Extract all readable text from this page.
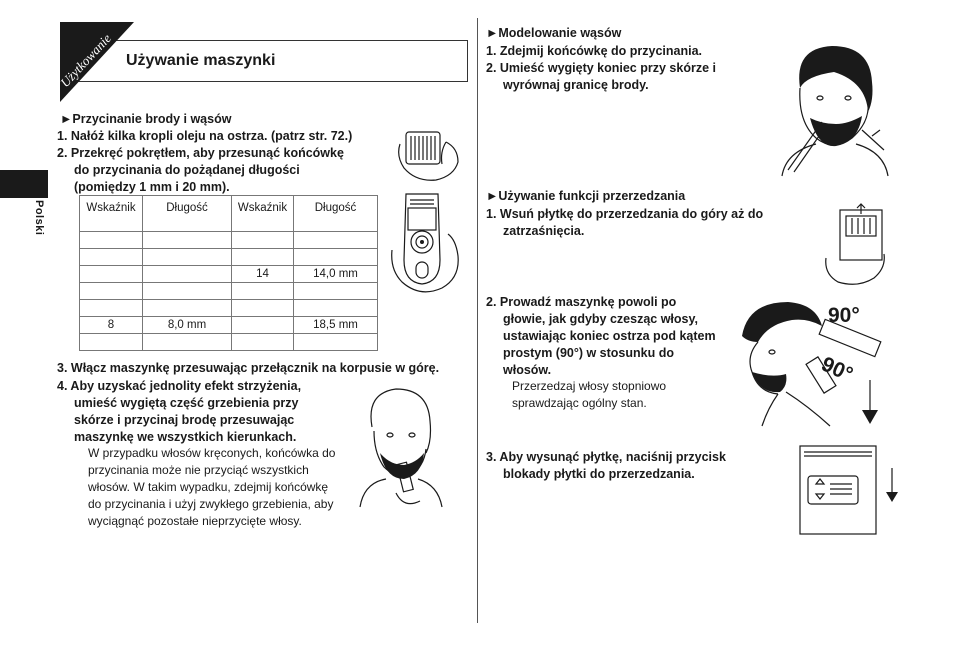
Polski
Użytkowanie Używanie maszynki
►Przycinanie brody i wąsów
1. Nałóż kilka kropli oleju na ostrza. (patrz str. 72.)
2. Przekręć pokrętłem, aby przesunąć końcówkę
do przycinania do pożądanej długości
(pomiędzy 1 mm i 20 mm).
Wskaźnik	Długość	Wskaźnik	Długość

		14	14,0 mm

8	8,0 mm		18,5 mm

3. Włącz maszynkę przesuwając przełącznik na korpusie w górę.
4. Aby uzyskać jednolity efekt strzyżenia,
umieść wygiętą część grzebienia przy
skórze i przycinaj brodę przesuwając
maszynkę we wszystkich kierunkach.
W przypadku włosów kręconych, końcówka do
przycinania może nie przyciąć wszystkich
włosów. W takim wypadku, zdejmij końcówkę
do przycinania i użyj zwykłego grzebienia, aby
wyciągnąć pozostałe nieprzycięte włosy.
►Modelowanie wąsów
1. Zdejmij końcówkę do przycinania.
2. Umieść wygięty koniec przy skórze i
wyrównaj granicę brody.
►Używanie funkcji przerzedzania
1. Wsuń płytkę do przerzedzania do góry aż do
zatrzaśnięcia.
2. Prowadź maszynkę powoli po
głowie, jak gdyby czesząc włosy,
ustawiając koniec ostrza pod kątem
prostym (90°) w stosunku do
włosów.
Przerzedzaj włosy stopniowo
sprawdzając ogólny stan.
90°
90°
3. Aby wysunąć płytkę, naciśnij przycisk
blokady płytki do przerzedzania.
